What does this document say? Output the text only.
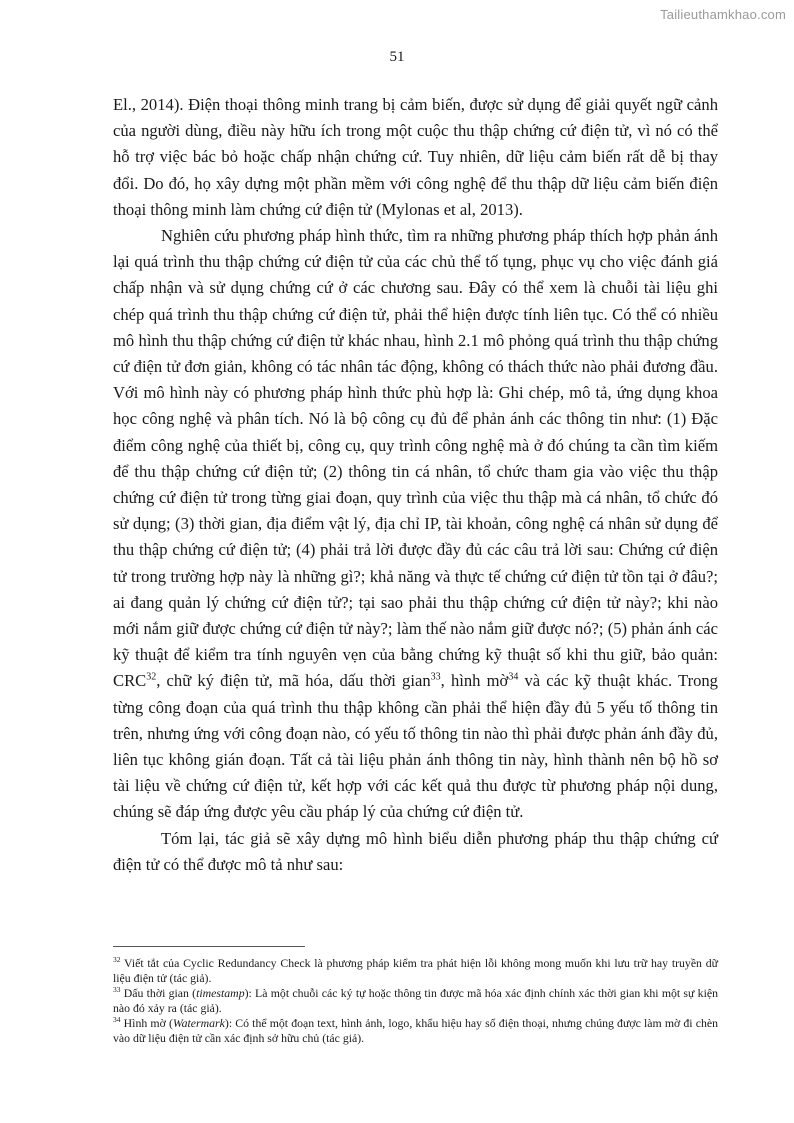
Tailieuthamkhao.com
51

El., 2014). Điện thoại thông minh trang bị cảm biến, được sử dụng để giải quyết ngữ cảnh của người dùng, điều này hữu ích trong một cuộc thu thập chứng cứ điện tử, vì nó có thể hỗ trợ việc bác bỏ hoặc chấp nhận chứng cứ. Tuy nhiên, dữ liệu cảm biến rất dễ bị thay đổi. Do đó, họ xây dựng một phần mềm với công nghệ để thu thập dữ liệu cảm biến điện thoại thông minh làm chứng cứ điện tử (Mylonas et al, 2013).

Nghiên cứu phương pháp hình thức, tìm ra những phương pháp thích hợp phản ánh lại quá trình thu thập chứng cứ điện tử của các chủ thể tố tụng, phục vụ cho việc đánh giá chấp nhận và sử dụng chứng cứ ở các chương sau. Đây có thể xem là chuỗi tài liệu ghi chép quá trình thu thập chứng cứ điện tử, phải thể hiện được tính liên tục. Có thể có nhiều mô hình thu thập chứng cứ điện tử khác nhau, hình 2.1 mô phỏng quá trình thu thập chứng cứ điện tử đơn giản, không có tác nhân tác động, không có thách thức nào phải đương đầu. Với mô hình này có phương pháp hình thức phù hợp là: Ghi chép, mô tả, ứng dụng khoa học công nghệ và phân tích. Nó là bộ công cụ đủ để phản ánh các thông tin như: (1) Đặc điểm công nghệ của thiết bị, công cụ, quy trình công nghệ mà ở đó chúng ta cần tìm kiếm để thu thập chứng cứ điện tử; (2) thông tin cá nhân, tổ chức tham gia vào việc thu thập chứng cứ điện tử trong từng giai đoạn, quy trình của việc thu thập mà cá nhân, tổ chức đó sử dụng; (3) thời gian, địa điểm vật lý, địa chỉ IP, tài khoản, công nghệ cá nhân sử dụng để thu thập chứng cứ điện tử; (4) phải trả lời được đầy đủ các câu trả lời sau: Chứng cứ điện tử trong trường hợp này là những gì?; khả năng và thực tế chứng cứ điện tử tồn tại ở đâu?; ai đang quản lý chứng cứ điện tử?; tại sao phải thu thập chứng cứ điện tử này?; khi nào mới nắm giữ được chứng cứ điện tử này?; làm thế nào nắm giữ được nó?; (5) phản ánh các kỹ thuật để kiểm tra tính nguyên vẹn của bằng chứng kỹ thuật số khi thu giữ, bảo quản: CRC$^{32}$, chữ ký điện tử, mã hóa, dấu thời gian$^{33}$, hình mờ$^{34}$ và các kỹ thuật khác. Trong từng công đoạn của quá trình thu thập không cần phải thể hiện đầy đủ 5 yếu tố thông tin trên, nhưng ứng với công đoạn nào, có yếu tố thông tin nào thì phải được phản ánh đầy đủ, liên tục không gián đoạn. Tất cả tài liệu phản ánh thông tin này, hình thành nên bộ hồ sơ tài liệu về chứng cứ điện tử, kết hợp với các kết quả thu được từ phương pháp nội dung, chúng sẽ đáp ứng được yêu cầu pháp lý của chứng cứ điện tử.

Tóm lại, tác giả sẽ xây dựng mô hình biểu diễn phương pháp thu thập chứng cứ điện tử có thể được mô tả như sau:

$^{32}$ Viết tắt của Cyclic Redundancy Check là phương pháp kiểm tra phát hiện lỗi không mong muốn khi lưu trữ hay truyền dữ liệu điện tử (tác giả).

$^{33}$ Dấu thời gian (timestamp): Là một chuỗi các ký tự hoặc thông tin được mã hóa xác định chính xác thời gian khi một sự kiện nào đó xảy ra (tác giả).

$^{34}$ Hình mờ (Watermark): Có thể một đoạn text, hình ảnh, logo, khẩu hiệu hay số điện thoại, nhưng chúng được làm mờ đi chèn vào dữ liệu điện tử cần xác định sở hữu chủ (tác giả).
